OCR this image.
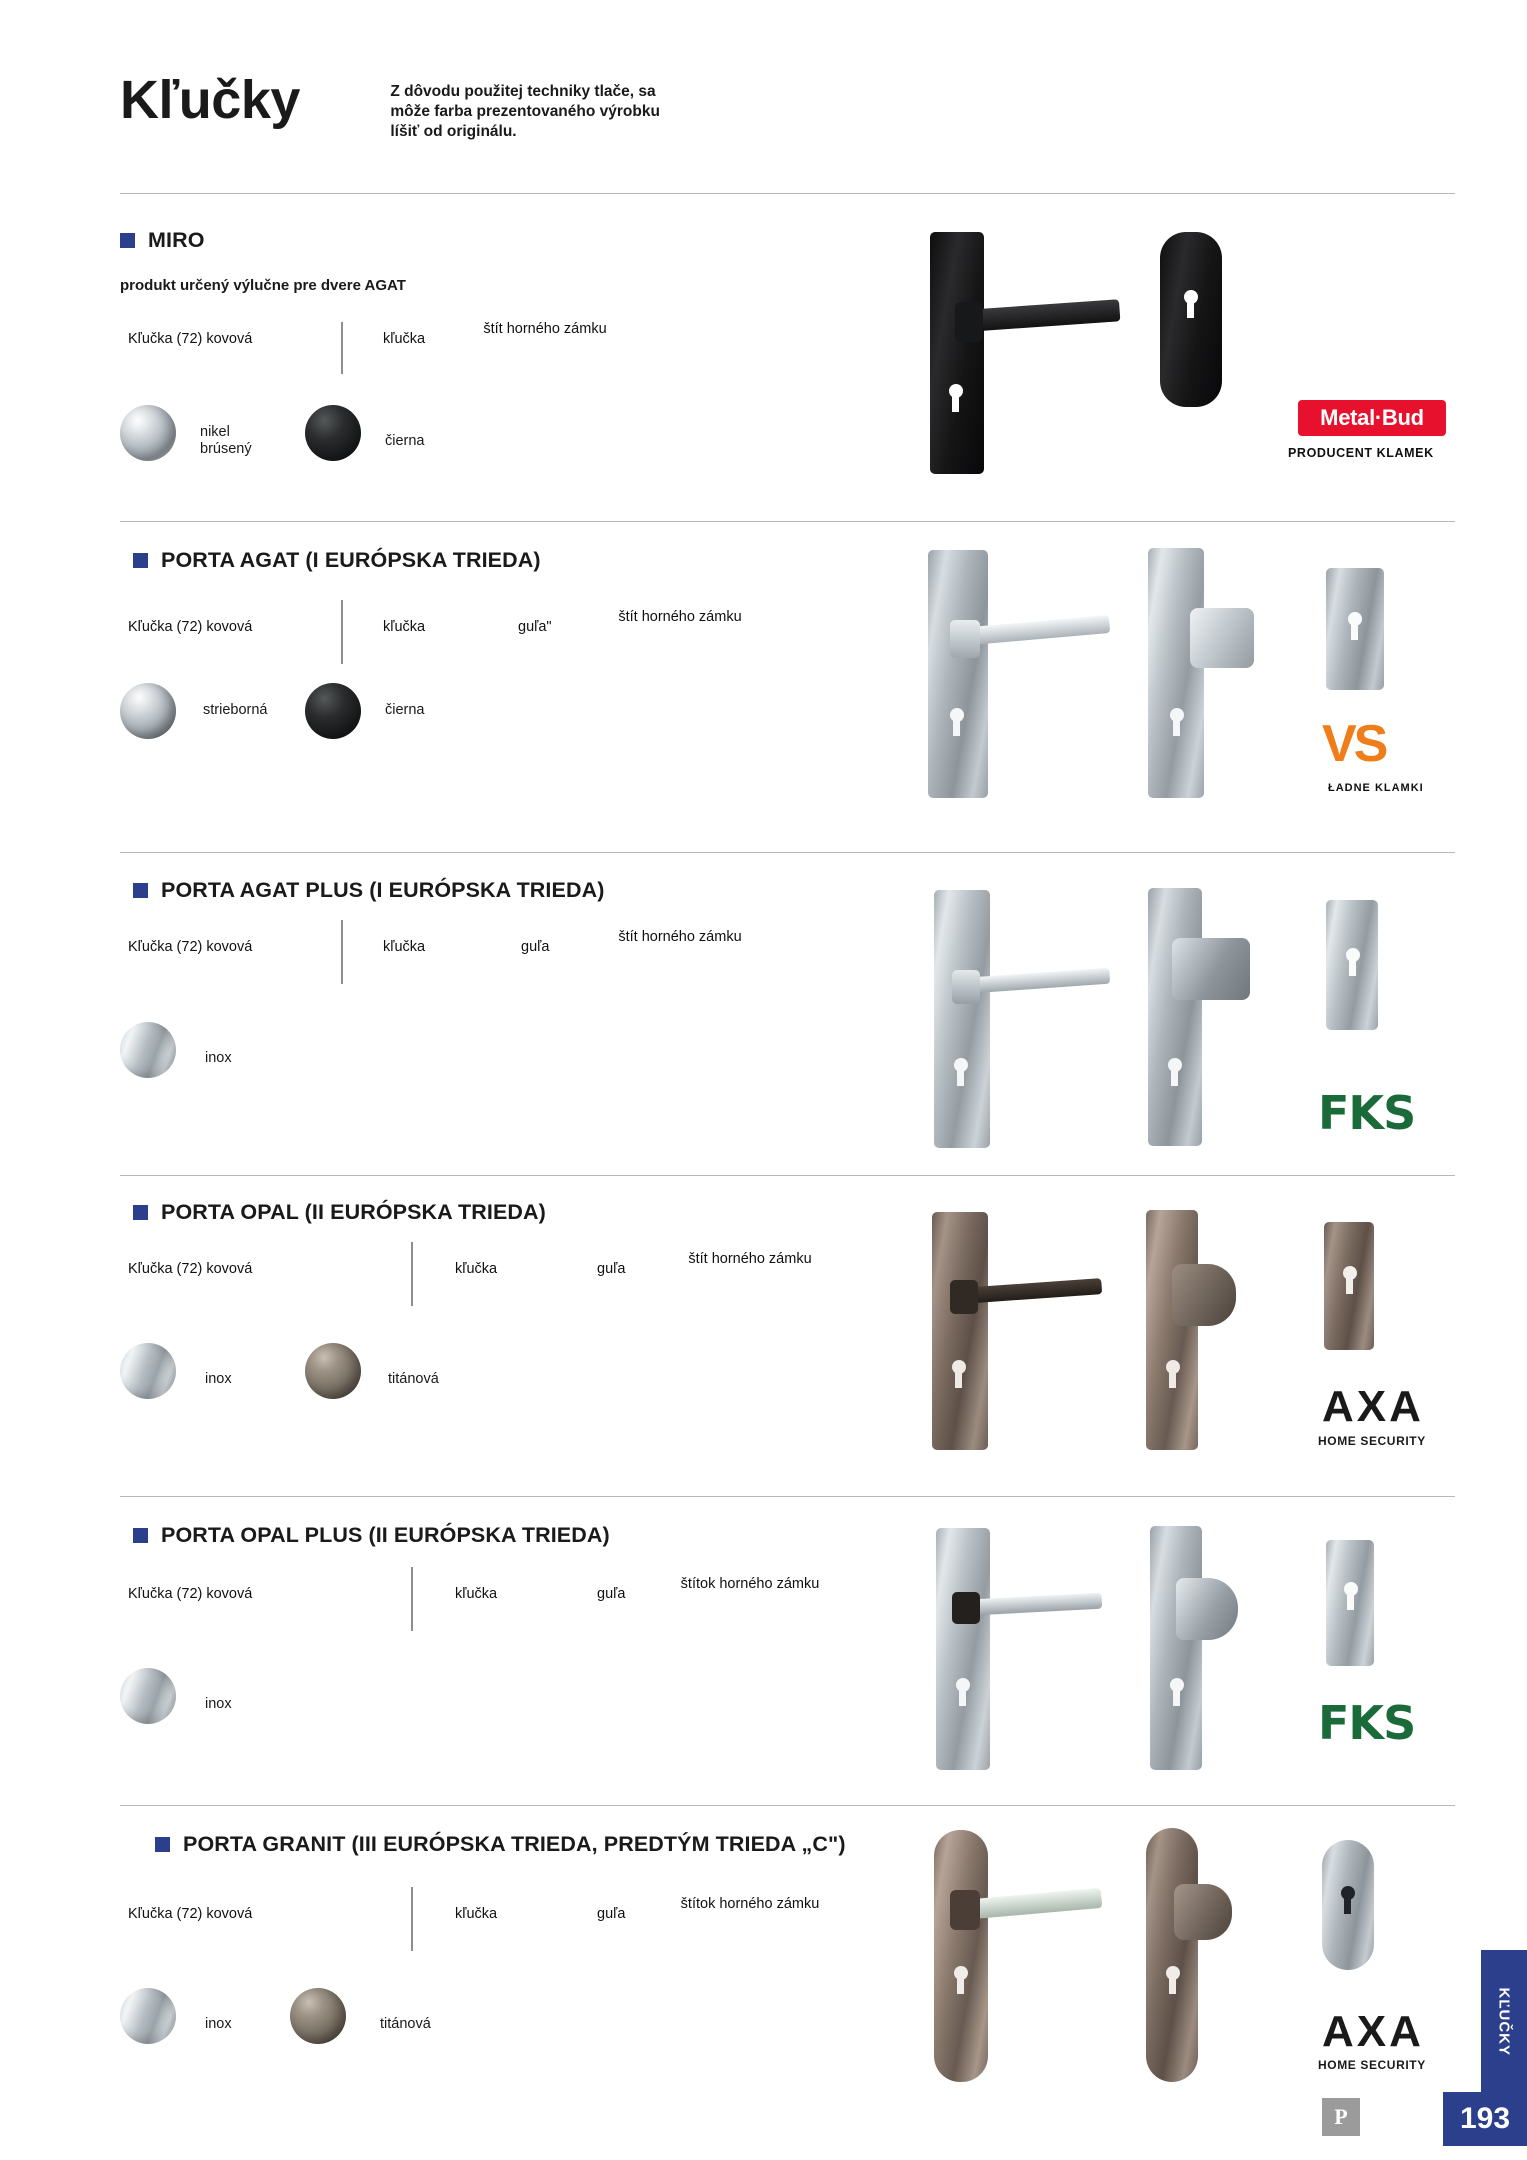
Kľučky	Z dôvodu použitej techniky tlače, sa môže farba prezentovaného výrobku líšiť od originálu.
MIRO
produkt určený výlučne pre dvere AGAT
Kľučka (72) kovová	kľučka
štít horného zámku
nikel
brúsený	čierna
Metal·Bud
PRODUCENT KLAMEK
PORTA AGAT (I EURÓPSKA TRIEDA)
Kľučka (72) kovová	kľučka	guľa"
štít horného zámku
strieborná	čierna
VS
ŁADNE KLAMKI
PORTA AGAT PLUS (I EURÓPSKA TRIEDA)
Kľučka (72) kovová	kľučka	guľa
štít horného zámku
inox
FKS
PORTA OPAL (II EURÓPSKA TRIEDA)
Kľučka (72) kovová	kľučka	guľa
štít horného zámku
inox	titánová
AXA
HOME SECURITY
PORTA OPAL PLUS (II EURÓPSKA TRIEDA)
Kľučka (72) kovová	kľučka	guľa
štítok horného zámku
inox	FKS
PORTA GRANIT (III EURÓPSKA TRIEDA, PREDTÝM TRIEDA „C")
Kľučka (72) kovová	kľučka	guľa
štítok horného zámku
inox	titánová	AXA
HOME SECURITY
KĽUČKY
P	193
